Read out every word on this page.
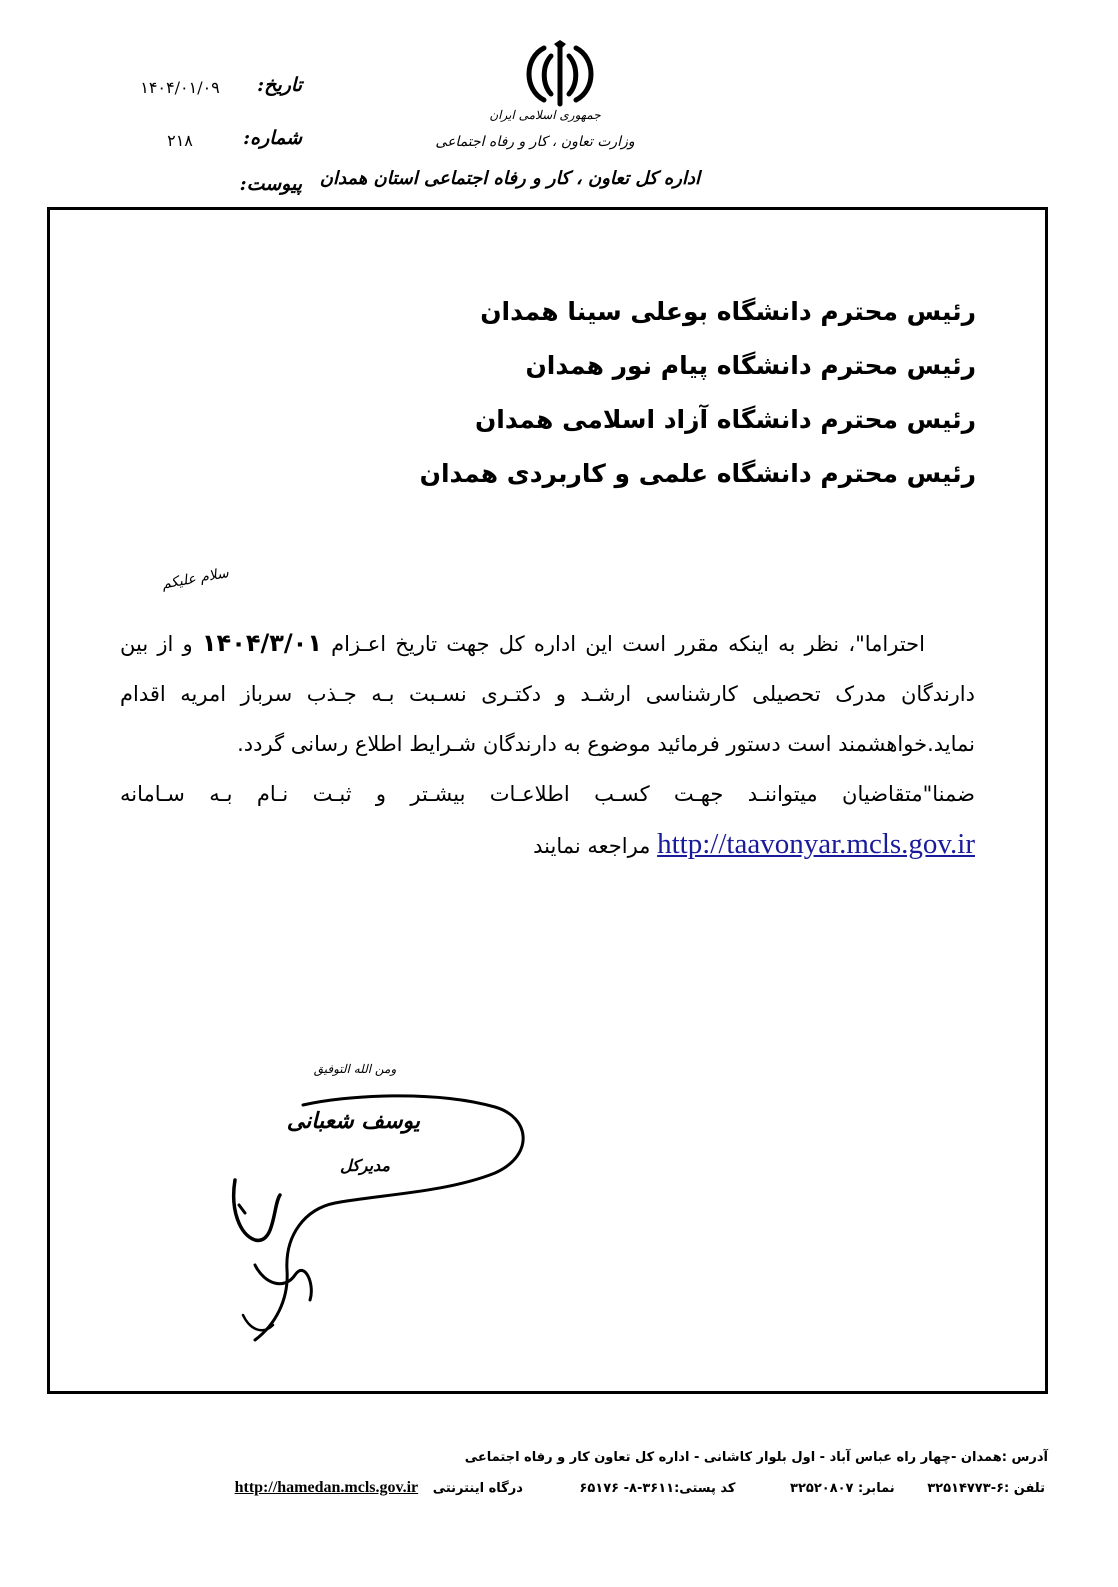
جمهوری اسلامی ایران
وزارت تعاون ، کار و رفاه اجتماعی
اداره کل تعاون ، کار و رفاه اجتماعی استان همدان
تاریخ:
۱۴۰۴/۰۱/۰۹
شماره:
۲۱۸
پیوست:
رئیس محترم دانشگاه بوعلی سینا همدان
رئیس محترم دانشگاه پیام نور همدان
رئیس محترم دانشگاه آزاد اسلامی همدان
رئیس محترم دانشگاه علمی و کاربردی همدان
سلام علیکم

احتراما"، نظر به اینکه مقرر است این اداره کل جهت تاریخ اعـزام ۱۴۰۴/۳/۰۱ و از بین دارندگان مدرک تحصیلی کارشناسی ارشـد و دکتـری نسـبت بـه جـذب سرباز امریه اقدام نماید.خواهشمند است دستور فرمائید موضوع به دارندگان شـرایط اطلاع رسانی گردد.

ضمنا"متقاضیان میتواننـد جهـت کسـب اطلاعـات بیشـتر و ثبـت نـام بـه سـامانه http://taavonyar.mcls.gov.ir مراجعه نمایند

ومن الله التوفیق
یوسف شعبانی
مدیرکل
آدرس :همدان -چهار راه عباس آباد - اول بلوار کاشانی - اداره کل تعاون کار و رفاه اجتماعی
تلفن :۶-۳۲۵۱۴۷۷۳ نمابر: ۳۲۵۲۰۸۰۷ کد پستی:۳۶۱۱-۸- ۶۵۱۷۶ درگاه اینترنتی http://hamedan.mcls.gov.ir
